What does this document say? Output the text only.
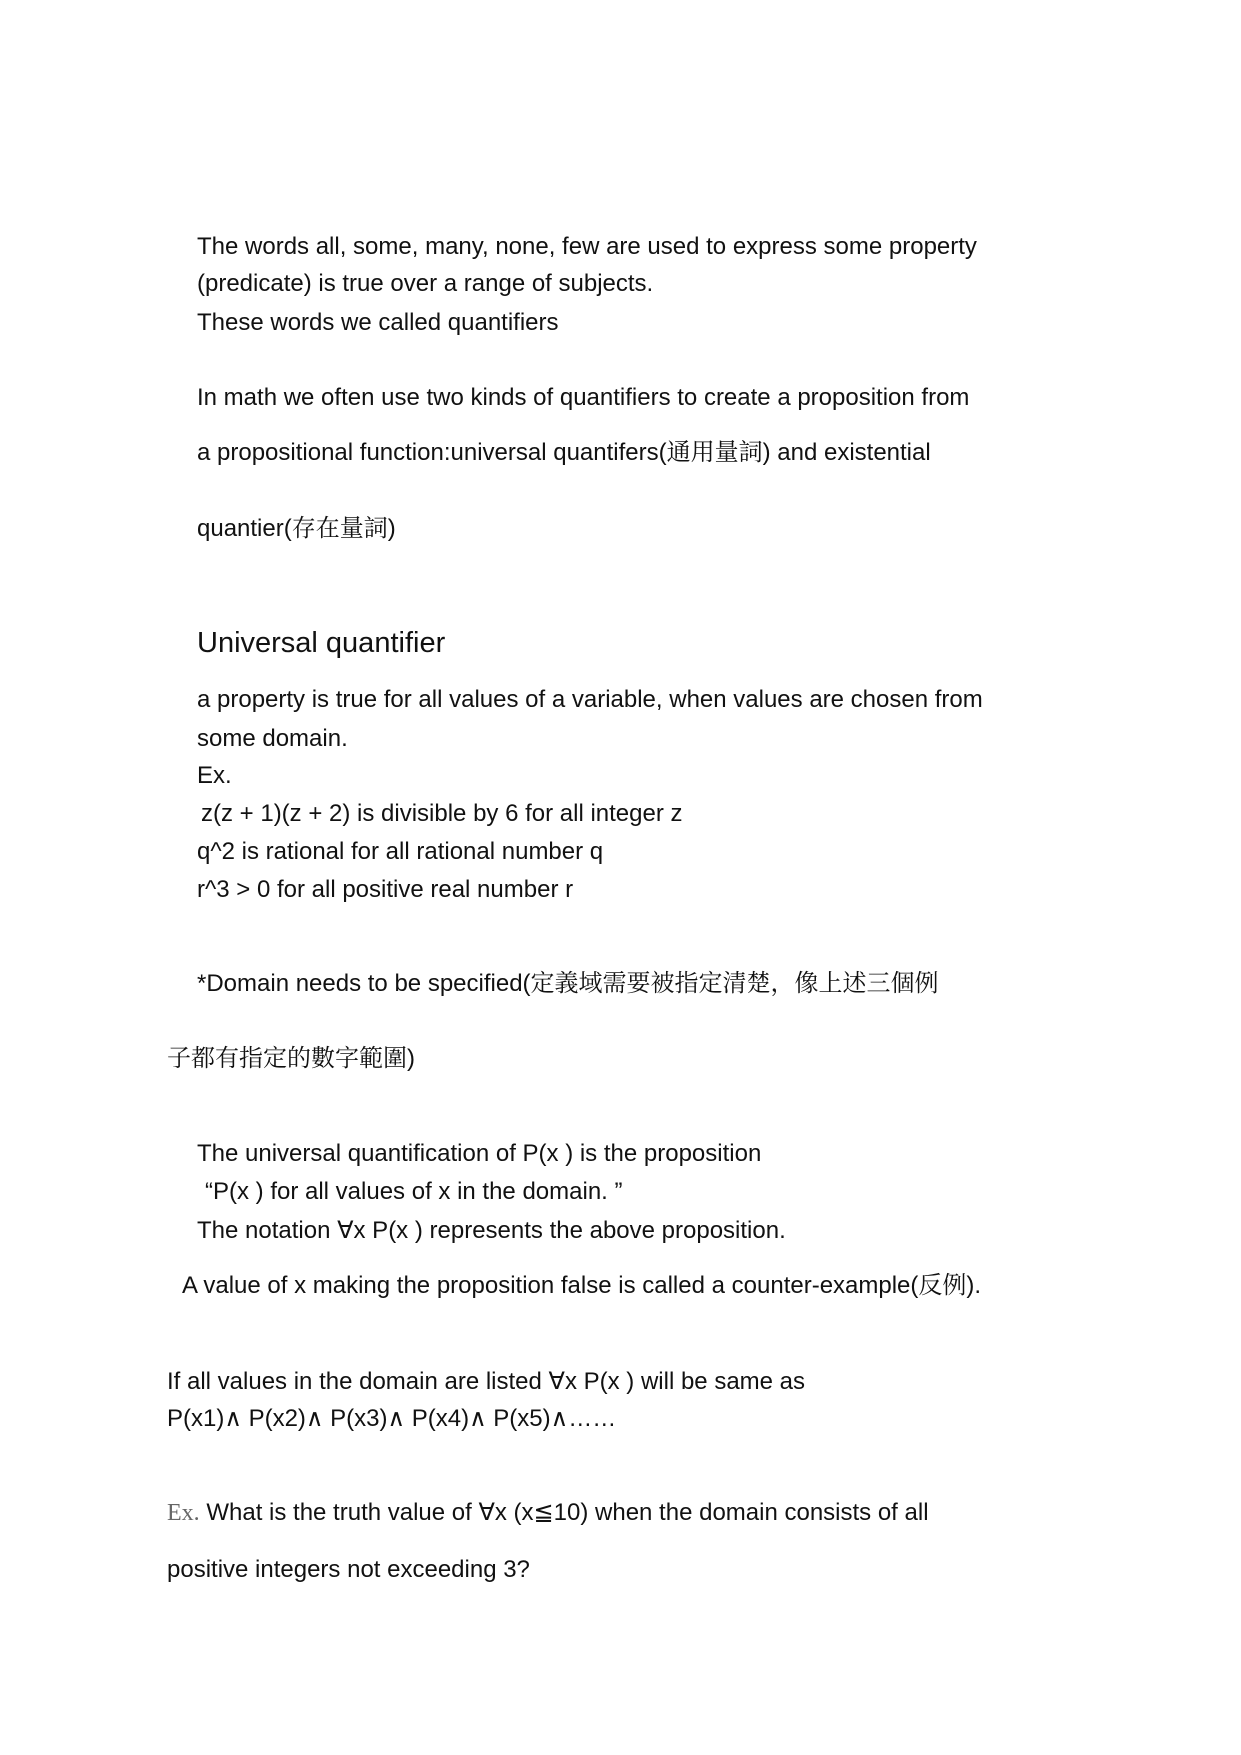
The words all, some, many, none, few are used to express some property
(predicate) is true over a range of subjects.
These words we called quantifiers
In math we often use two kinds of quantifiers to create a proposition from
a propositional function:universal quantifers(通用量詞) and existential
quantier(存在量詞)
Universal quantifier
a property is true for all values of a variable, when values are chosen from
some domain.
Ex.
z(z + 1)(z + 2) is divisible by 6 for all integer z
q^2 is rational for all rational number q
r^3 > 0 for all positive real number r
*Domain needs to be specified(定義域需要被指定清楚，像上述三個例
子都有指定的數字範圍)
The universal quantification of P(x ) is the proposition
“P(x ) for all values of x in the domain. ”
The notation ∀x P(x ) represents the above proposition.
A value of x making the proposition false is called a counter-example(反例).
If all values in the domain are listed ∀x P(x ) will be same as
P(x1)∧ P(x2)∧ P(x3)∧ P(x4)∧ P(x5)∧……
Ex. What is the truth value of ∀x (x≦10) when the domain consists of all
positive integers not exceeding 3?
